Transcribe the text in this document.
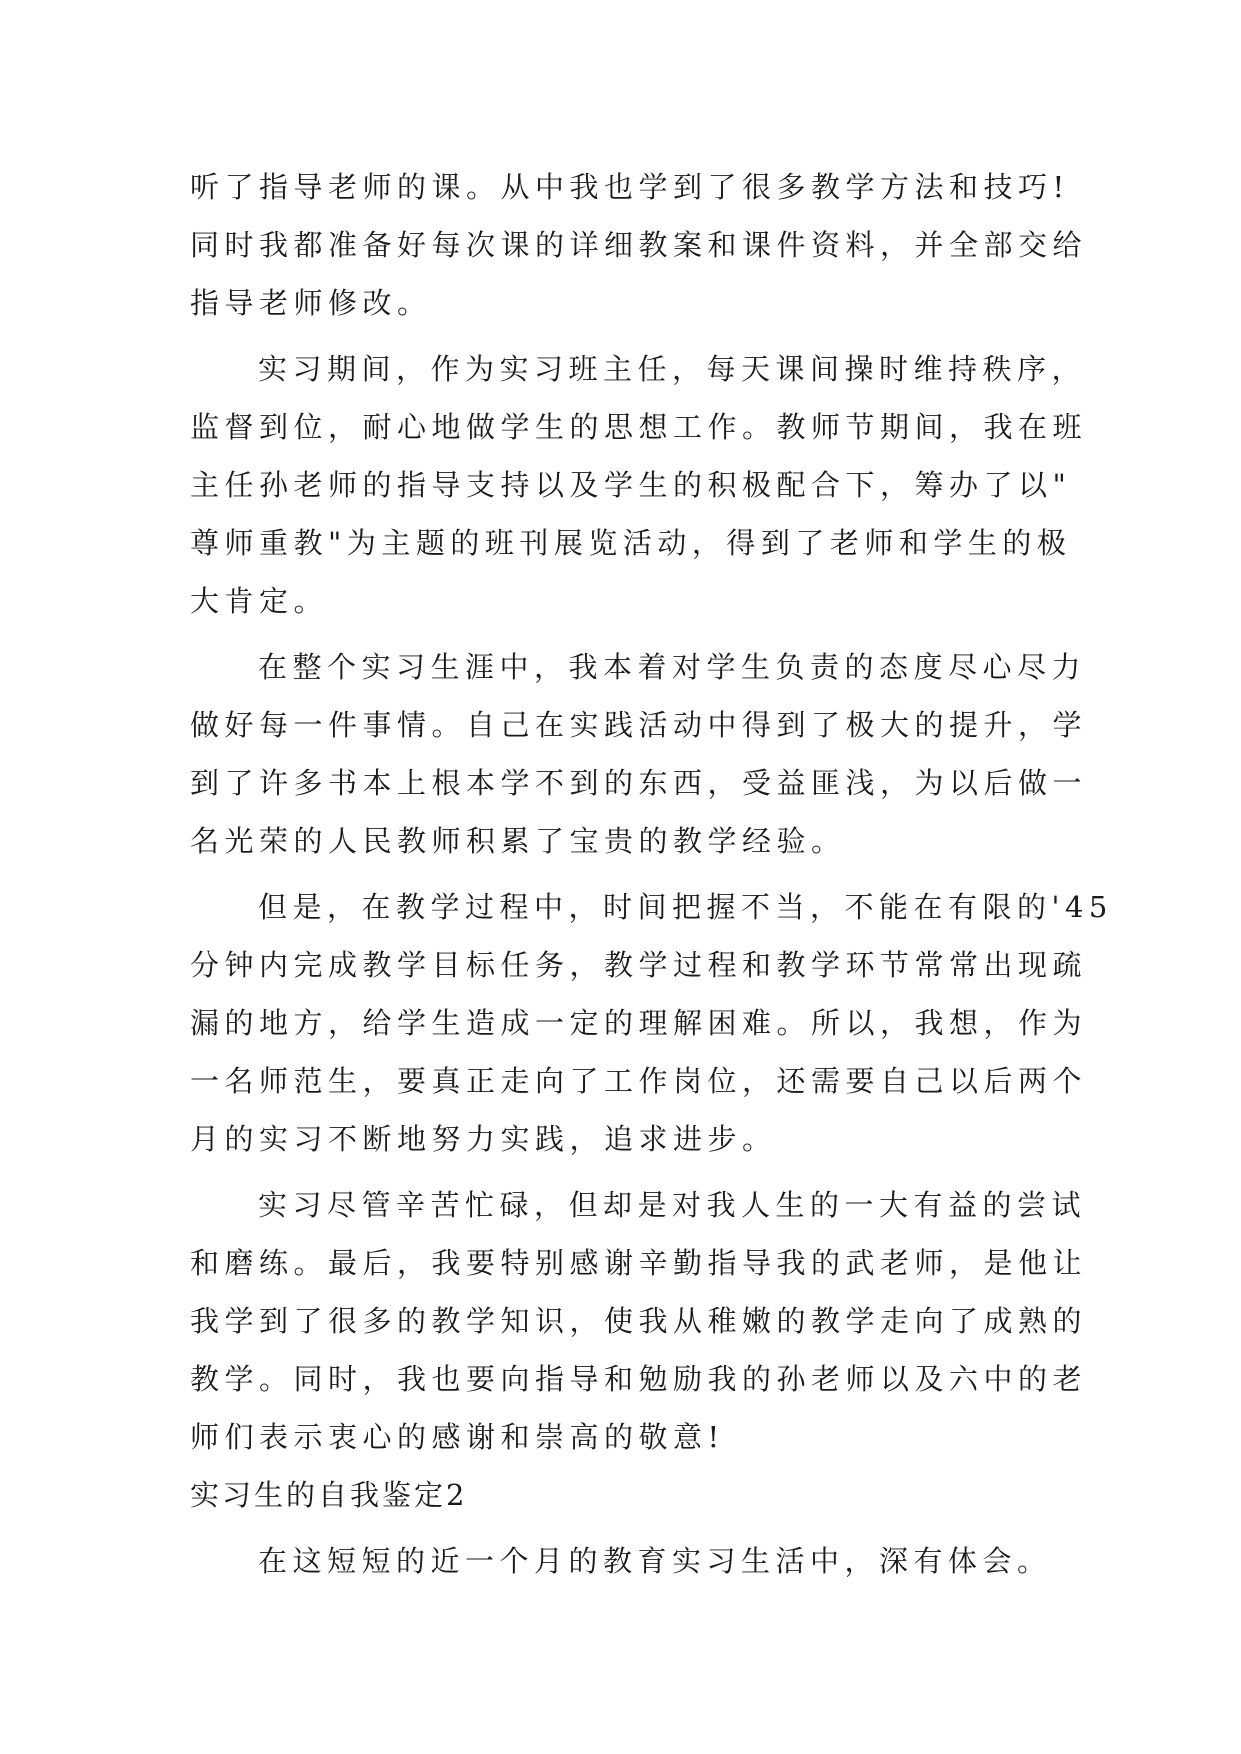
听了指导老师的课。从中我也学到了很多教学方法和技巧!
同时我都准备好每次课的详细教案和课件资料，并全部交给
指导老师修改。
实习期间，作为实习班主任，每天课间操时维持秩序，
监督到位，耐心地做学生的思想工作。教师节期间，我在班
主任孙老师的指导支持以及学生的积极配合下，筹办了以"
尊师重教"为主题的班刊展览活动，得到了老师和学生的极
大肯定。
在整个实习生涯中，我本着对学生负责的态度尽心尽力
做好每一件事情。自己在实践活动中得到了极大的提升，学
到了许多书本上根本学不到的东西，受益匪浅，为以后做一
名光荣的人民教师积累了宝贵的教学经验。
但是，在教学过程中，时间把握不当，不能在有限的'45
分钟内完成教学目标任务，教学过程和教学环节常常出现疏
漏的地方，给学生造成一定的理解困难。所以，我想，作为
一名师范生，要真正走向了工作岗位，还需要自己以后两个
月的实习不断地努力实践，追求进步。
实习尽管辛苦忙碌，但却是对我人生的一大有益的尝试
和磨练。最后，我要特别感谢辛勤指导我的武老师，是他让
我学到了很多的教学知识，使我从稚嫩的教学走向了成熟的
教学。同时，我也要向指导和勉励我的孙老师以及六中的老
师们表示衷心的感谢和崇高的敬意!
实习生的自我鉴定2
在这短短的近一个月的教育实习生活中，深有体会。
